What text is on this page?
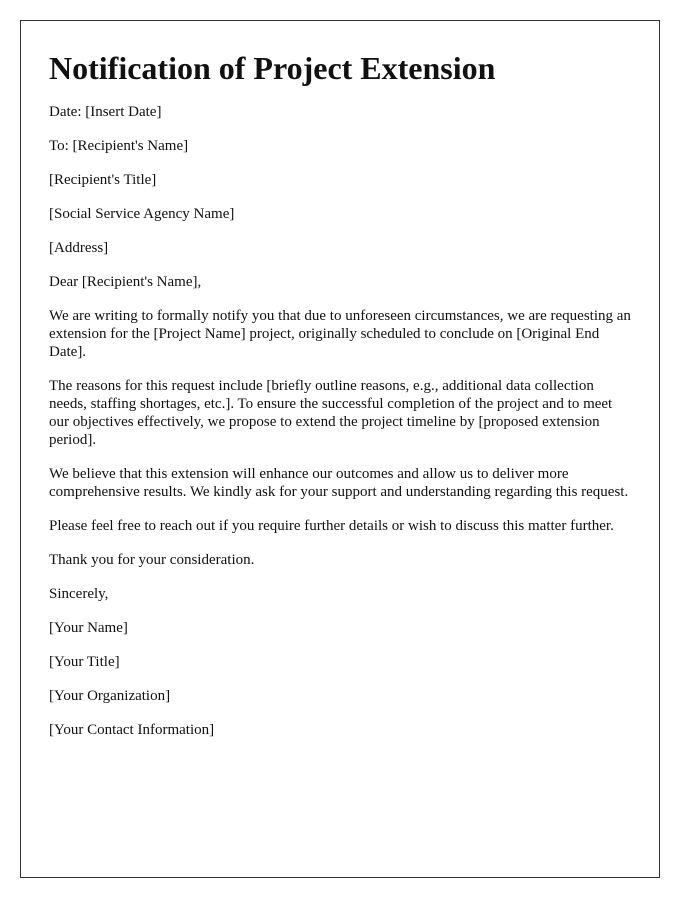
Notification of Project Extension

Date: [Insert Date]

To: [Recipient's Name]

[Recipient's Title]

[Social Service Agency Name]

[Address]

Dear [Recipient's Name],

We are writing to formally notify you that due to unforeseen circumstances, we are requesting an extension for the [Project Name] project, originally scheduled to conclude on [Original End Date].

The reasons for this request include [briefly outline reasons, e.g., additional data collection needs, staffing shortages, etc.]. To ensure the successful completion of the project and to meet our objectives effectively, we propose to extend the project timeline by [proposed extension period].

We believe that this extension will enhance our outcomes and allow us to deliver more comprehensive results. We kindly ask for your support and understanding regarding this request.

Please feel free to reach out if you require further details or wish to discuss this matter further.

Thank you for your consideration.

Sincerely,

[Your Name]

[Your Title]

[Your Organization]

[Your Contact Information]
